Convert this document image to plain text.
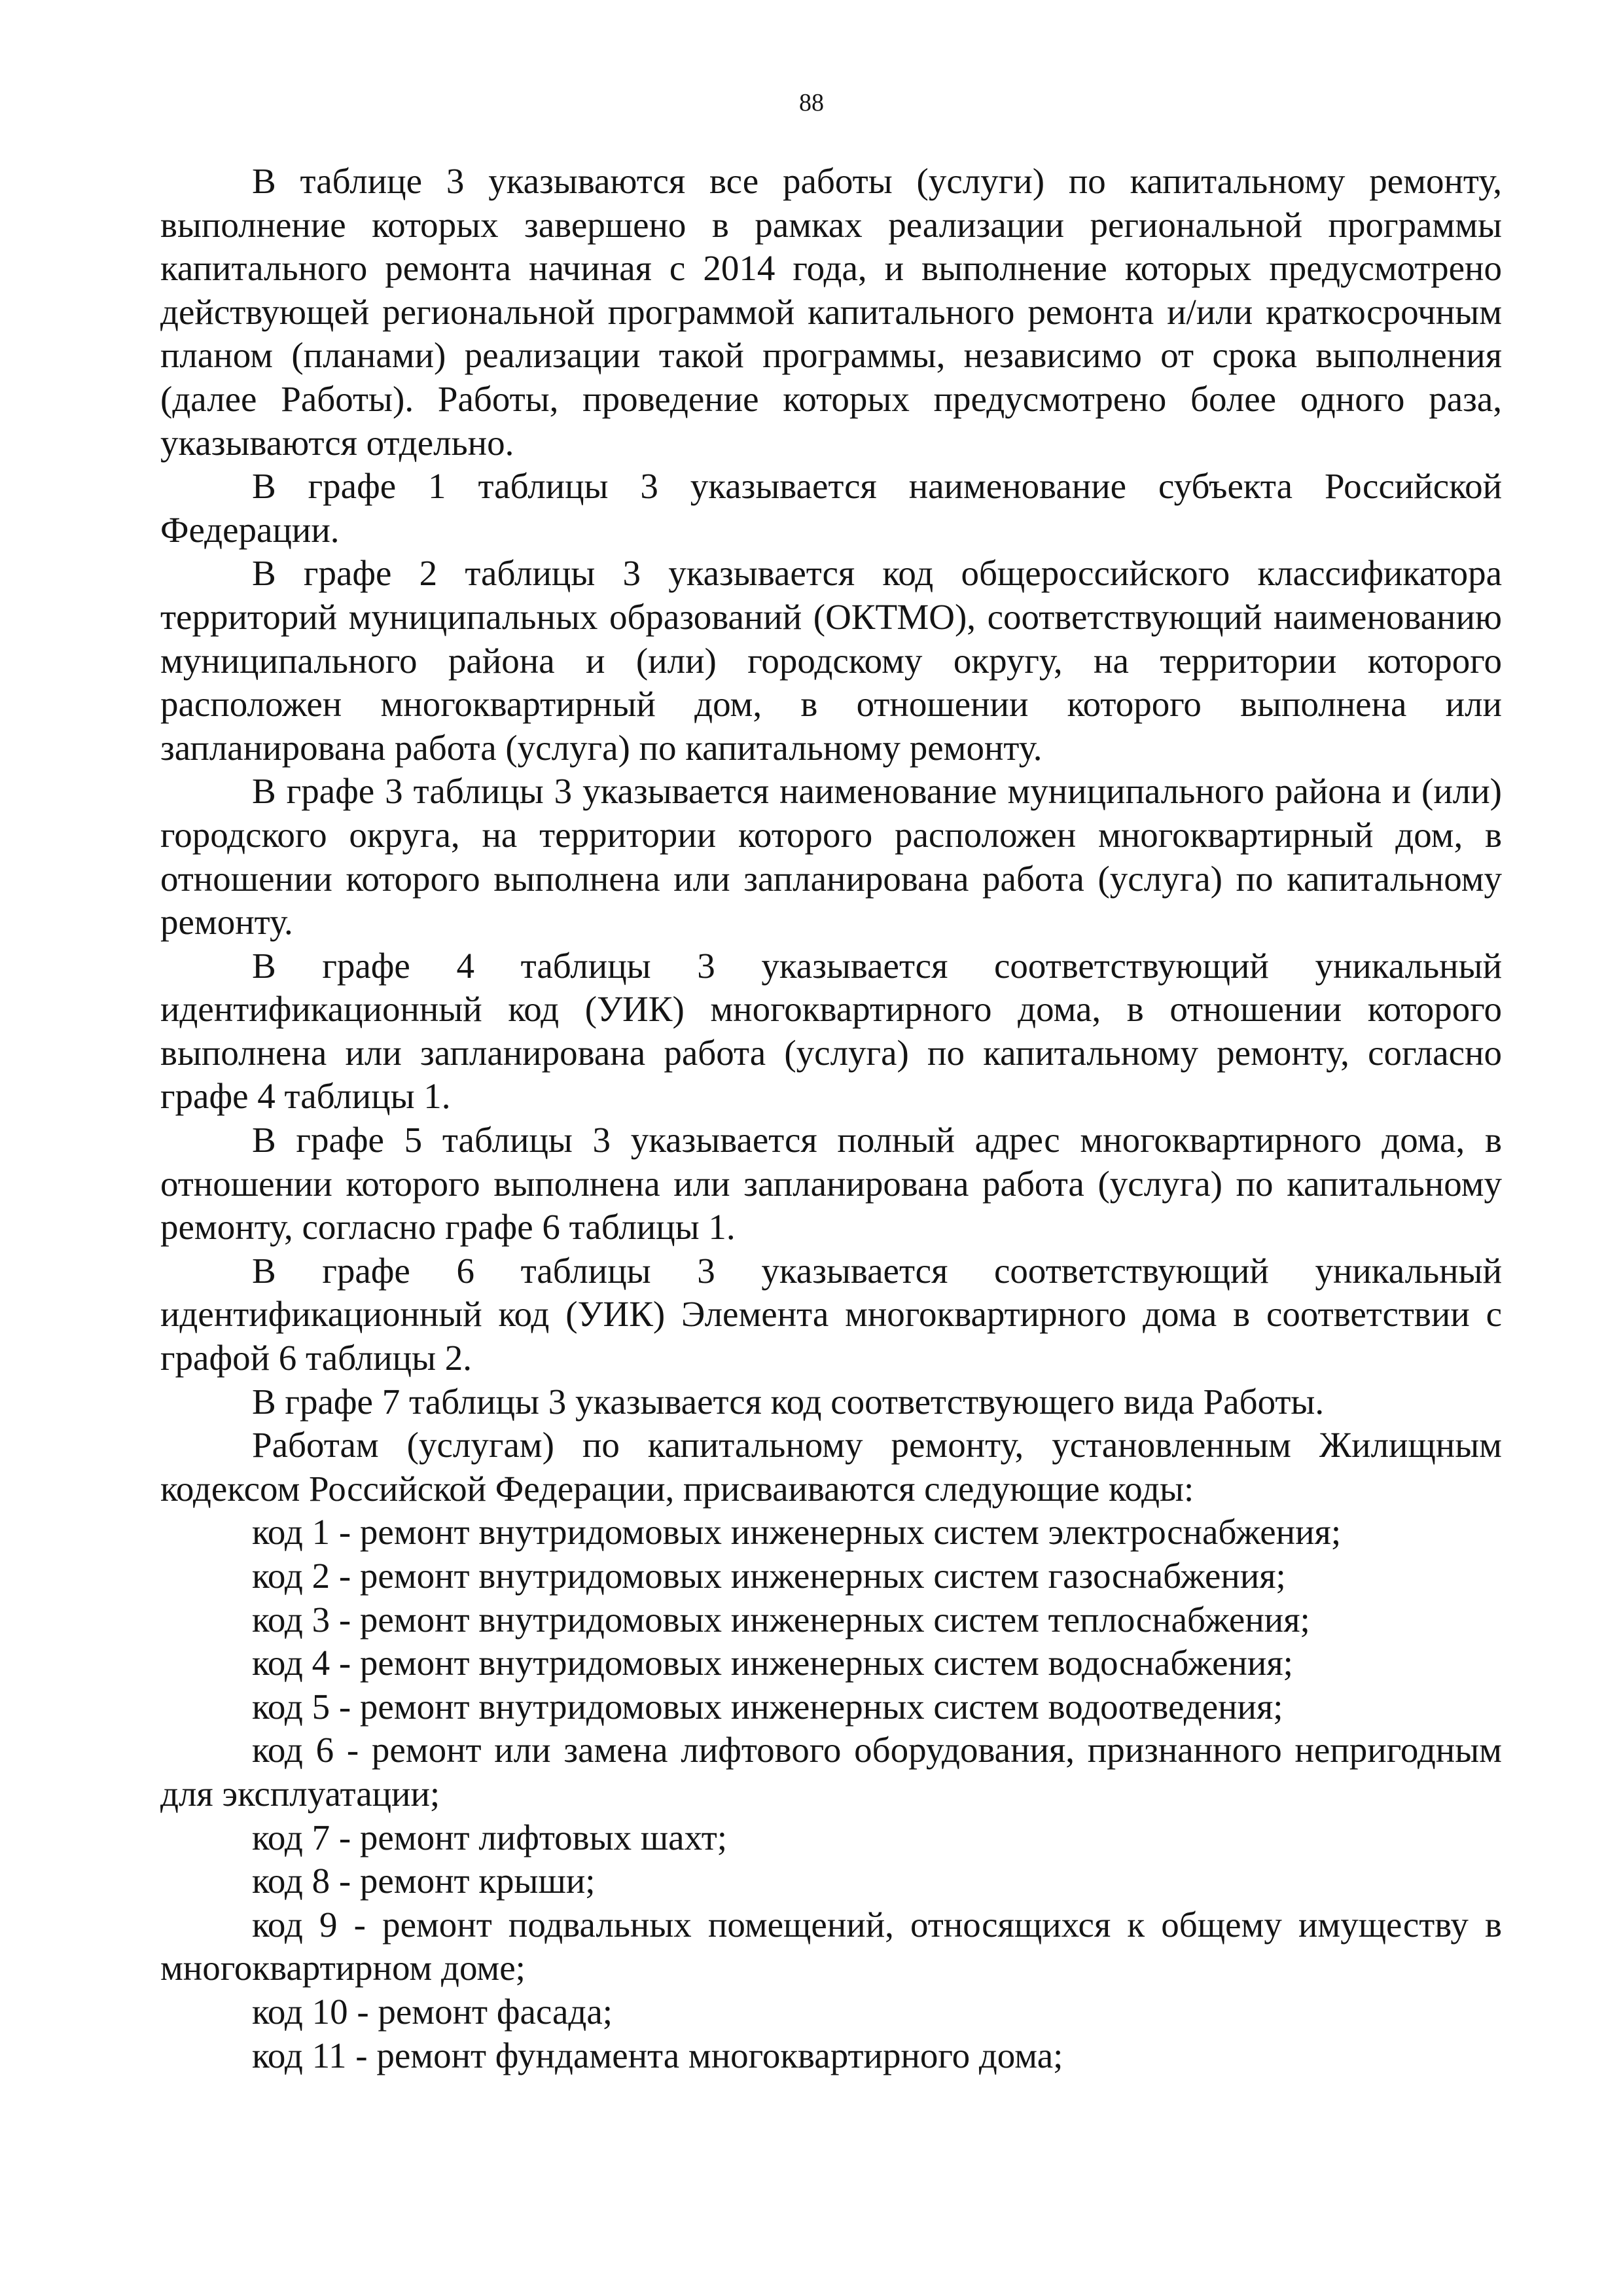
88

В таблице 3 указываются все работы (услуги) по капитальному ремонту, выполнение которых завершено в рамках реализации региональной программы капитального ремонта начиная с 2014 года, и выполнение которых предусмотрено действующей региональной программой капитального ремонта и/или краткосрочным планом (планами) реализации такой программы, независимо от срока выполнения (далее Работы). Работы, проведение которых предусмотрено более одного раза, указываются отдельно.

В графе 1 таблицы 3 указывается наименование субъекта Российской Федерации.

В графе 2 таблицы 3 указывается код общероссийского классификатора территорий муниципальных образований (ОКТМО), соответствующий наименованию муниципального района и (или) городскому округу, на территории которого расположен многоквартирный дом, в отношении которого выполнена или запланирована работа (услуга) по капитальному ремонту.

В графе 3 таблицы 3 указывается наименование муниципального района и (или) городского округа, на территории которого расположен многоквартирный дом, в отношении которого выполнена или запланирована работа (услуга) по капитальному ремонту.

В графе 4 таблицы 3 указывается соответствующий уникальный идентификационный код (УИК) многоквартирного дома, в отношении которого выполнена или запланирована работа (услуга) по капитальному ремонту, согласно графе 4 таблицы 1.

В графе 5 таблицы 3 указывается полный адрес многоквартирного дома, в отношении которого выполнена или запланирована работа (услуга) по капитальному ремонту, согласно графе 6 таблицы 1.

В графе 6 таблицы 3 указывается соответствующий уникальный идентификационный код (УИК) Элемента многоквартирного дома в соответствии с графой 6 таблицы 2.

В графе 7 таблицы 3 указывается код соответствующего вида Работы.

Работам (услугам) по капитальному ремонту, установленным Жилищным кодексом Российской Федерации, присваиваются следующие коды:

код 1 - ремонт внутридомовых инженерных систем электроснабжения;

код 2 - ремонт внутридомовых инженерных систем газоснабжения;

код 3 - ремонт внутридомовых инженерных систем теплоснабжения;

код 4 - ремонт внутридомовых инженерных систем водоснабжения;

код 5 - ремонт внутридомовых инженерных систем водоотведения;

код 6 - ремонт или замена лифтового оборудования, признанного непригодным для эксплуатации;

код 7 - ремонт лифтовых шахт;

код 8 - ремонт крыши;

код 9 - ремонт подвальных помещений, относящихся к общему имуществу в многоквартирном доме;

код 10 - ремонт фасада;

код 11 - ремонт фундамента многоквартирного дома;
